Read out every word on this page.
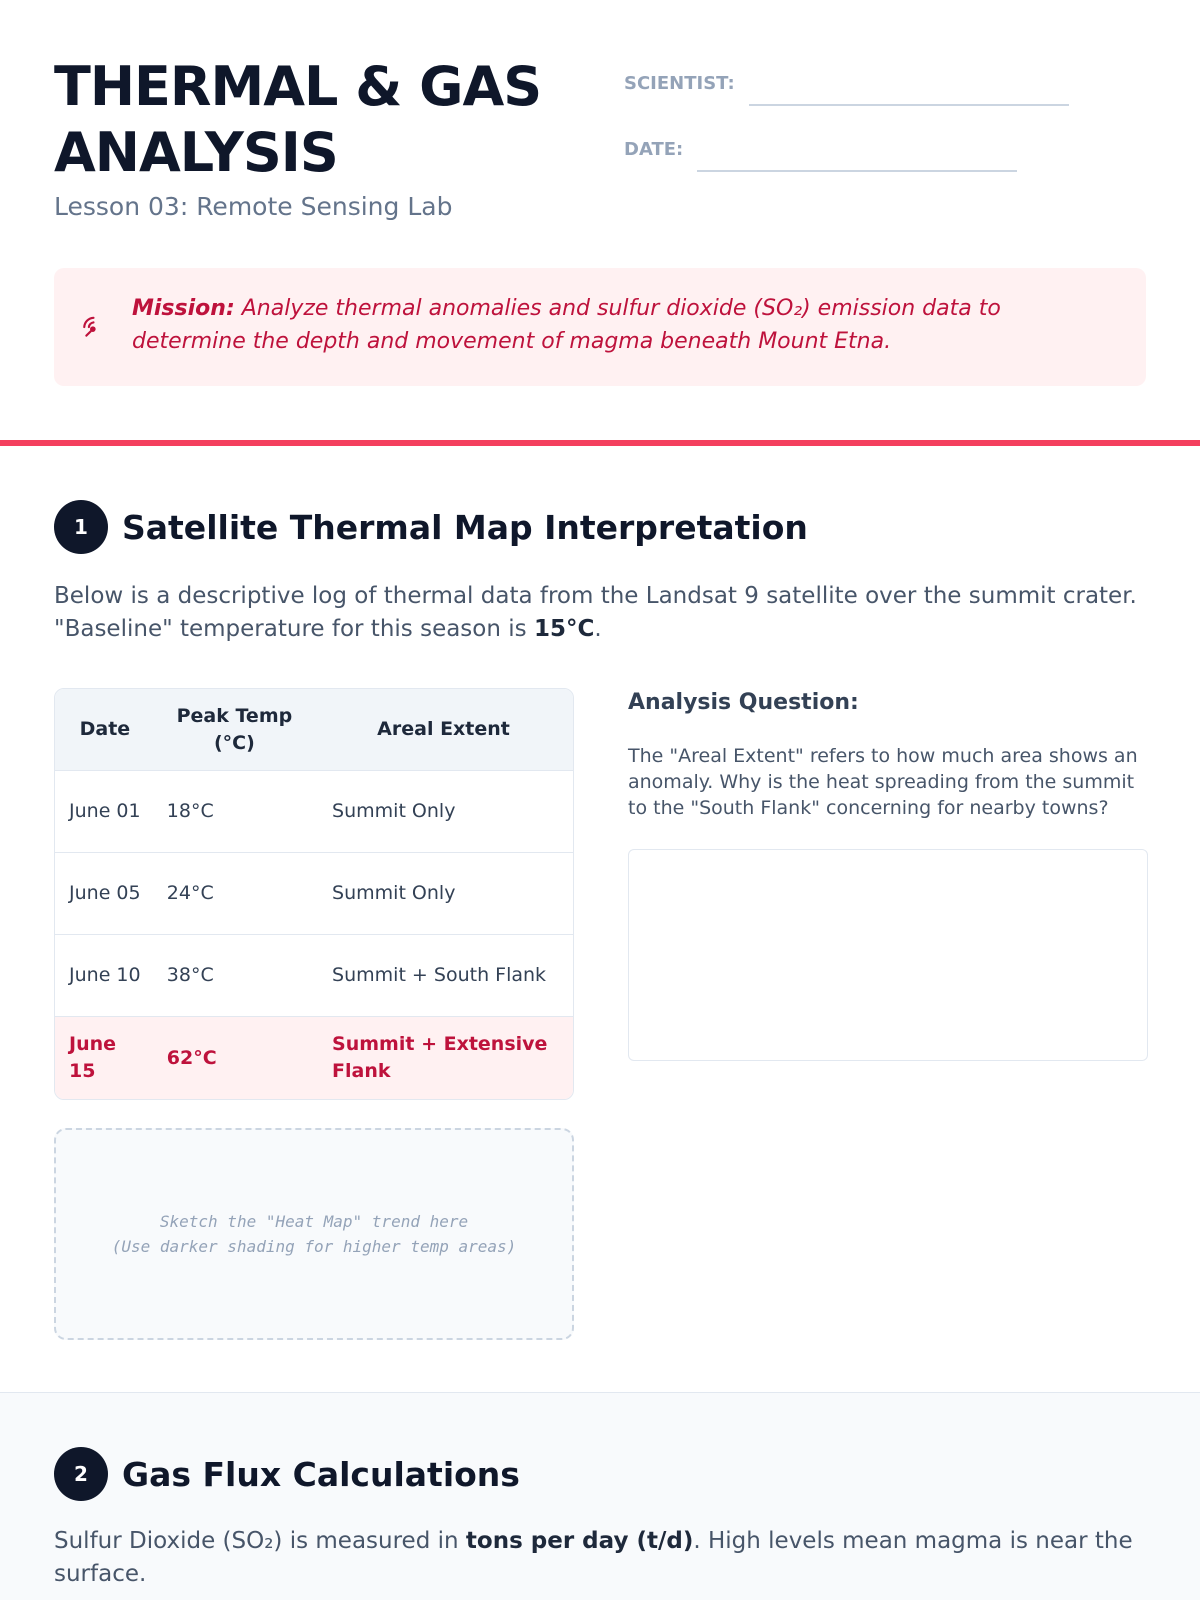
THERMAL & GAS ANALYSIS
Lesson 03: Remote Sensing Lab
SCIENTIST:
DATE:

Mission: Analyze thermal anomalies and sulfur dioxide (SO₂) emission data to determine the depth and movement of magma beneath Mount Etna.

1	Satellite Thermal Map Interpretation

Below is a descriptive log of thermal data from the Landsat 9 satellite over the summit crater. "Baseline" temperature for this season is 15°C.

Date	Peak Temp (°C)	Areal Extent
June 01	18°C	Summit Only
June 05	24°C	Summit Only
June 10	38°C	Summit + South Flank
June 15	62°C	Summit + Extensive Flank
Sketch the "Heat Map" trend here
(Use darker shading for higher temp areas)
Analysis Question:

The "Areal Extent" refers to how much area shows an anomaly. Why is the heat spreading from the summit to the "South Flank" concerning for nearby towns?

2	Gas Flux Calculations

Sulfur Dioxide (SO₂) is measured in tons per day (t/d). High levels mean magma is near the surface.
